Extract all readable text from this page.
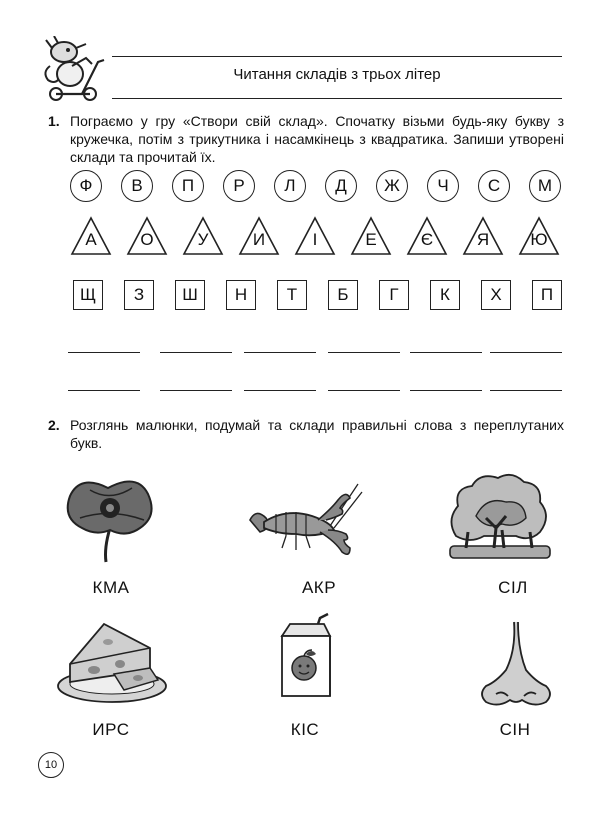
Читання складів з трьох літер
1. Пограємо у гру «Створи свій склад». Спочатку візьми будь-яку букву з кружечка, потім з трикутника і насамкінець з квадратика. Запиши утворені склади та прочитай їх.
Ф	В	П	Р	Л	Д	Ж	Ч	С	М
А	О	У	И	І	Е	Є	Я	Ю
Щ	З	Ш	Н	Т	Б	Г	К	Х	П
2. Розглянь малюнки, подумай та склади правильні слова з переплутаних букв.
КМА	АКР	СІЛ
ИРС	КІС	СІН
10
